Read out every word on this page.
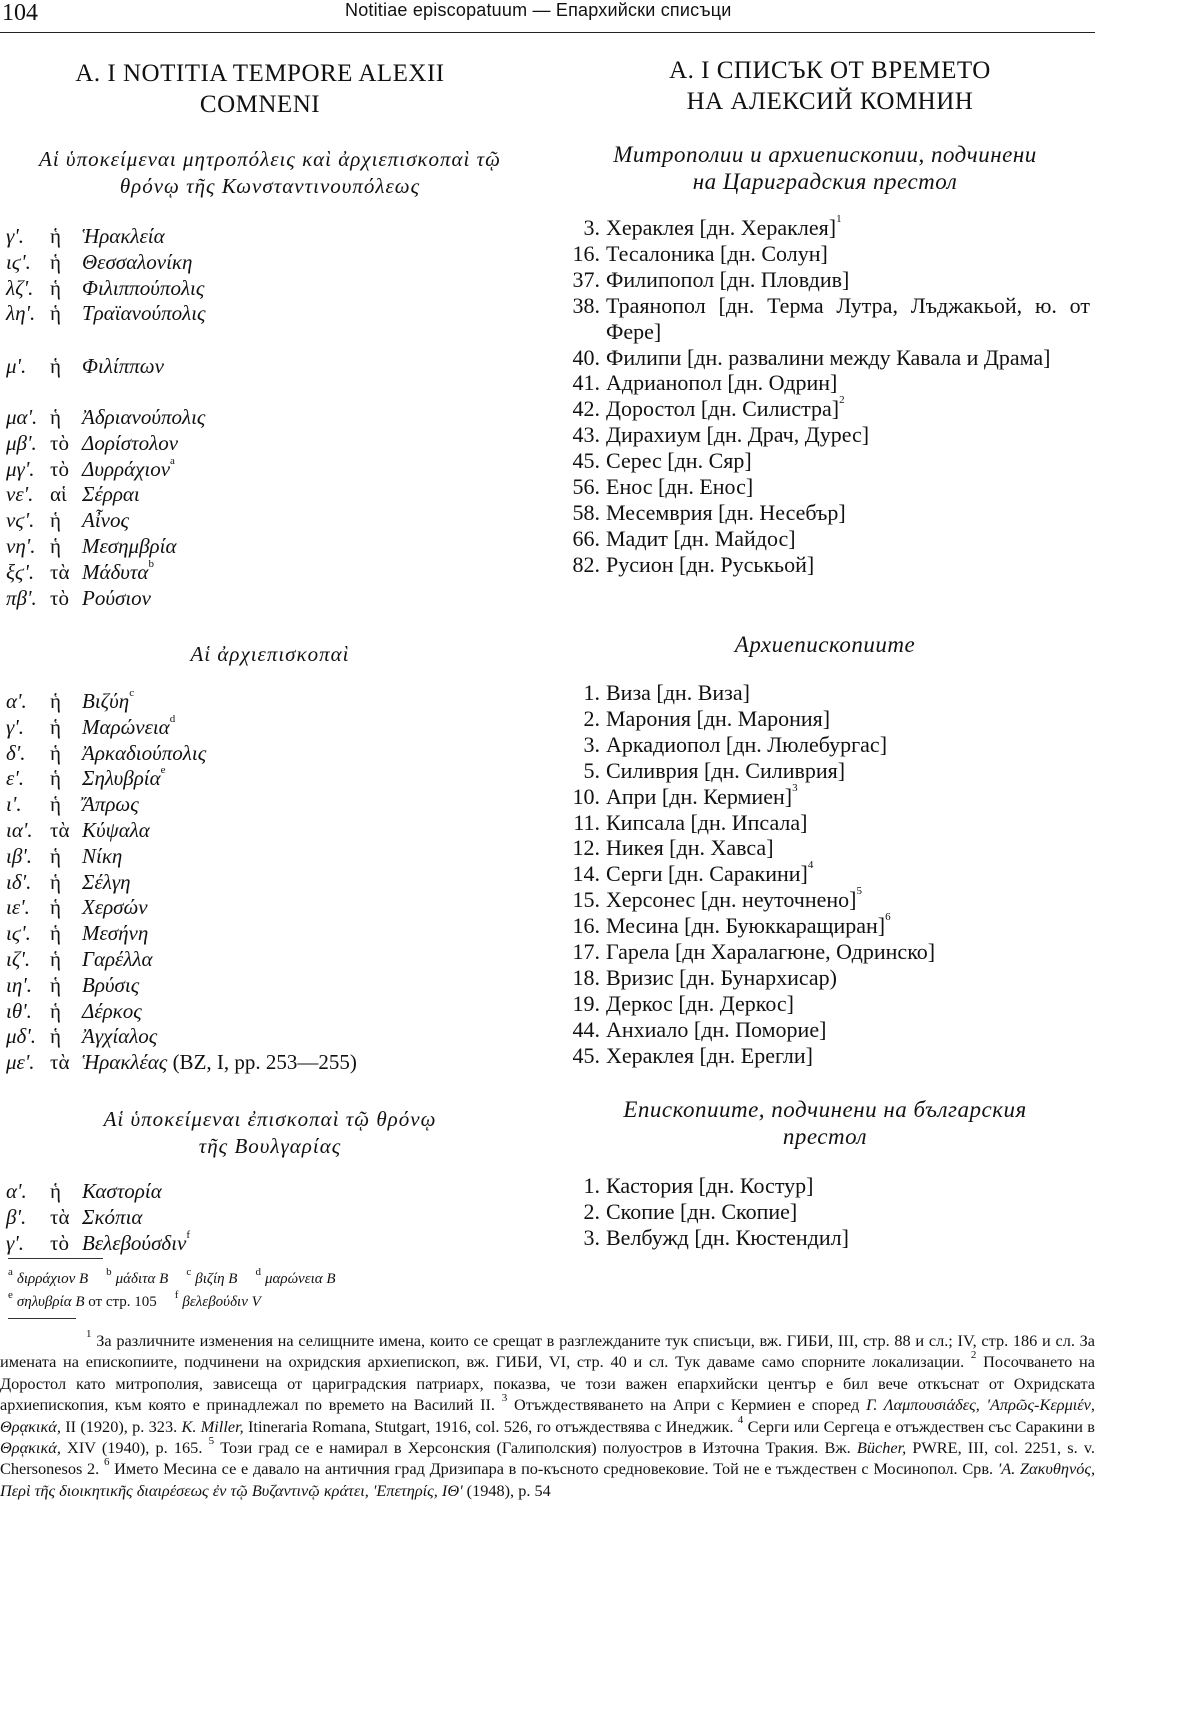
104	Notitiae episcopatuum — Епархийски списъци
A. I NOTITIA TEMPORE ALEXII
COMNENI
А. I СПИСЪК ОТ ВРЕМЕТО
НА АЛЕКСИЙ КОМНИН
Αἱ ὑποκείμεναι μητροπόλεις καὶ ἀρχιεπισκοπαὶ τῷ
θρόνῳ τῆς Κωνσταντινουπόλεως
γ'. ἡ Ἡρακλεία
ιϛ'. ἡ Θεσσαλονίκη
λζ'. ἡ Φιλιππούπολις
λη'. ἡ Τραϊανούπολις
μ'. ἡ Φιλίππων
μα'. ἡ Ἀδριανούπολις
μβ'. τὸ Δορίστολον
μγ'. τὸ Δυρράχιον$^a$
νε'. αἱ Σέρραι
νϛ'. ἡ Αἶνος
νη'. ἡ Μεσημβρία
ξϛ'. τὰ Μάδυτα$^b$
πβ'. τὸ Ρούσιον
Αἱ ἀρχιεπισκοπαὶ
α'. ἡ Βιζύη$^c$
γ'. ἡ Μαρώνεια$^d$
δ'. ἡ Ἀρκαδιούπολις
ε'. ἡ Σηλυβρία$^e$
ι'. ἡ Ἄπρως
ια'. τὰ Κύψαλα
ιβ'. ἡ Νίκη
ιδ'. ἡ Σέλγη
ιε'. ἡ Χερσών
ιϛ'. ἡ Μεσήνη
ιζ'. ἡ Γαρέλλα
ιη'. ἡ Βρύσις
ιθ'. ἡ Δέρκος
μδ'. ἡ Ἀγχίαλος
με'. τὰ Ἡρακλέας (BZ, I, pp. 253—255)
Αἱ ὑποκείμεναι ἐπισκοπαὶ τῷ θρόνῳ
τῆς Βουλγαρίας
α'. ἡ Καστορία
β'. τὰ Σκόπια
γ'. τὸ Βελεβούσδιν$^f$
Митрополии и архиепископии, подчинени
на Цариградския престол
3. Хераклея [дн. Хераклея]$^1$
16. Тесалоника [дн. Солун]
37. Филипопол [дн. Пловдив]
38. Траянопол [дн. Терма Лутра, Лъджакьой, ю. от Фере]
40. Филипи [дн. развалини между Кавала и Драма]
41. Адрианопол [дн. Одрин]
42. Доростол [дн. Силистра]$^2$
43. Дирахиум [дн. Драч, Дурес]
45. Серес [дн. Сяр]
56. Енос [дн. Енос]
58. Месемврия [дн. Несебър]
66. Мадит [дн. Майдос]
82. Русион [дн. Руськьой]
Архиепископиите
1. Виза [дн. Виза]
2. Марония [дн. Марония]
3. Аркадиопол [дн. Люлебургас]
5. Силиврия [дн. Силиврия]
10. Апри [дн. Кермиен]$^3$
11. Кипсала [дн. Ипсала]
12. Никея [дн. Хавса]
14. Серги [дн. Саракини]$^4$
15. Херсонес [дн. неуточнено]$^5$
16. Месина [дн. Буюккаращиран]$^6$
17. Гарела [дн Харалагюне, Одринско]
18. Вризис [дн. Бунархисар)
19. Деркос [дн. Деркос]
44. Анхиало [дн. Поморие]
45. Хераклея [дн. Ерегли]
Епископиите, подчинени на българския
престол
1. Кастория [дн. Костур]
2. Скопие [дн. Скопие]
3. Велбужд [дн. Кюстендил]
$^a$ διρράχιον B $^b$ μάδιτα B $^c$ βιζίη B $^d$ μαρώνεια B
$^e$ σηλυβρία B от стр. 105 $^f$ βελεβούδιν V

$^1$ За различните изменения на селищните имена, които се срещат в разглежданите тук списъци, вж. ГИБИ, III, стр. 88 и сл.; IV, стр. 186 и сл. За имената на епископиите, подчинени на охридския архиепископ, вж. ГИБИ, VI, стр. 40 и сл. Тук даваме само спорните локализации. $^2$ Посочването на Доростол като митрополия, зависеща от цариградския патриарх, показва, че този важен епархийски център е бил вече откъснат от Охридската архиепископия, към която е принадлежал по времето на Василий II. $^3$ Отъждествяването на Апри с Кермиен е според Γ. Λαμπουσιάδες, 'Απρῶς-Κερμιέν, Θρᾳκικά, II (1920), p. 323. K. Miller, Itineraria Romana, Stutgart, 1916, col. 526, го отъждествява с Инеджик. $^4$ Серги или Сергеца е отъждествен със Саракини в Θρᾳκικά, XIV (1940), p. 165. $^5$ Този град се е намирал в Херсонския (Галиполския) полуостров в Източна Тракия. Вж. Bücher, PWRE, III, col. 2251, s. v. Chersonesos 2. $^6$ Името Месина се е давало на античния град Дризипара в по-късното средновековие. Той не е тъждествен с Мосинопол. Срв. 'Α. Ζακυθηνός, Περὶ τῆς διοικητικῆς διαιρέσεως ἐν τῷ Βυζαντινῷ κράτει, 'Επετηρίς, ΙΘ' (1948), p. 54
